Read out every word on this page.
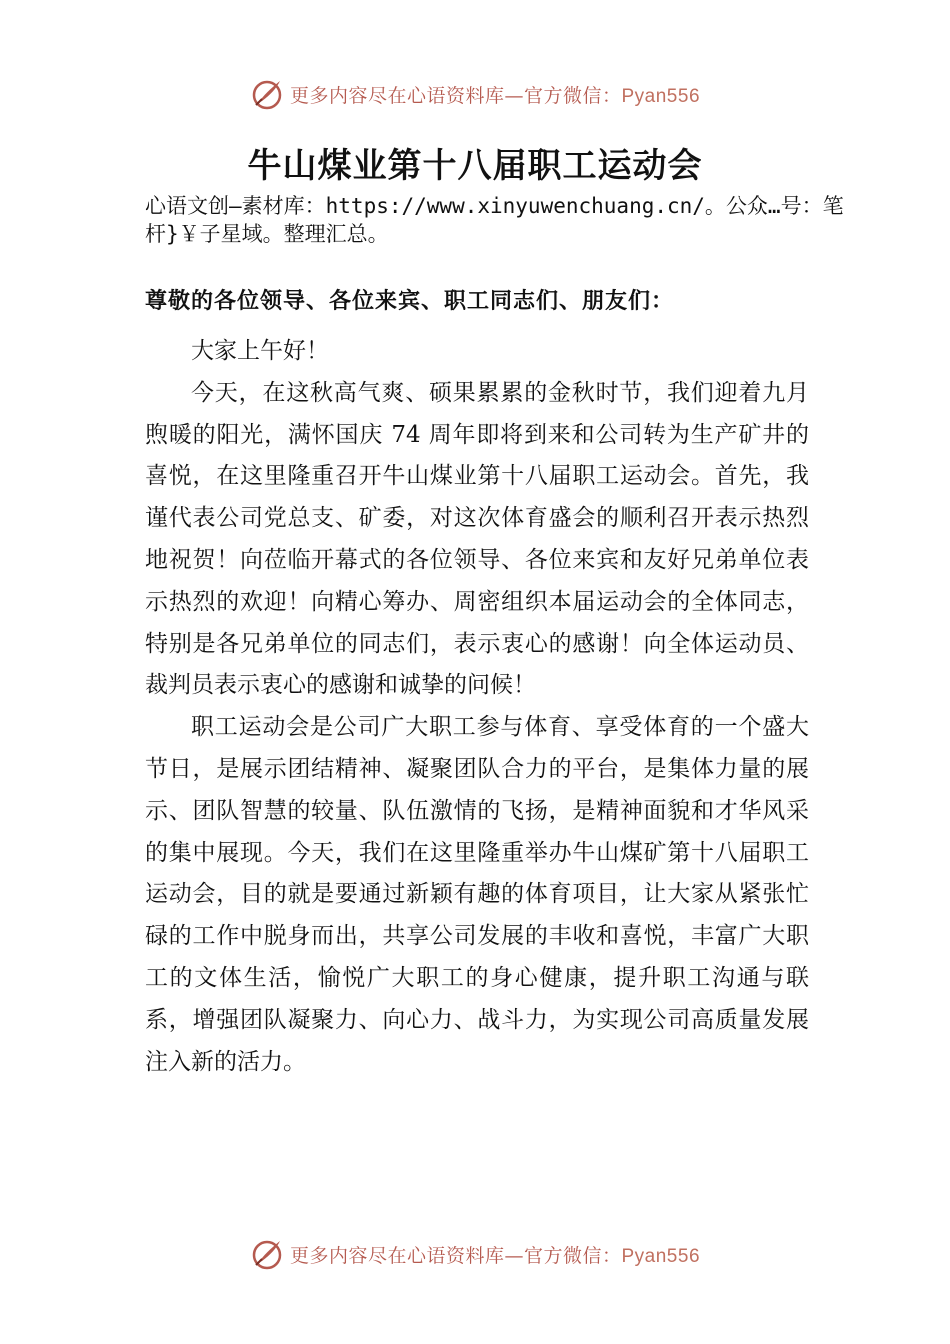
更多内容尽在心语资料库—官方微信：Pyan556
牛山煤业第十八届职工运动会
心语文创—素材库：https://www.xinyuwenchuang.cn/。公众…号：笔杆}￥子星域。整理汇总。
尊敬的各位领导、各位来宾、职工同志们、朋友们：

大家上午好！

今天，在这秋高气爽、硕果累累的金秋时节，我们迎着九月煦暖的阳光，满怀国庆 74 周年即将到来和公司转为生产矿井的喜悦，在这里隆重召开牛山煤业第十八届职工运动会。首先，我谨代表公司党总支、矿委，对这次体育盛会的顺利召开表示热烈地祝贺！向莅临开幕式的各位领导、各位来宾和友好兄弟单位表示热烈的欢迎！向精心筹办、周密组织本届运动会的全体同志，特别是各兄弟单位的同志们，表示衷心的感谢！向全体运动员、裁判员表示衷心的感谢和诚挚的问候！

职工运动会是公司广大职工参与体育、享受体育的一个盛大节日，是展示团结精神、凝聚团队合力的平台，是集体力量的展示、团队智慧的较量、队伍激情的飞扬，是精神面貌和才华风采的集中展现。今天，我们在这里隆重举办牛山煤矿第十八届职工运动会，目的就是要通过新颖有趣的体育项目，让大家从紧张忙碌的工作中脱身而出，共享公司发展的丰收和喜悦，丰富广大职工的文体生活，愉悦广大职工的身心健康，提升职工沟通与联系，增强团队凝聚力、向心力、战斗力，为实现公司高质量发展注入新的活力。

更多内容尽在心语资料库—官方微信：Pyan556
